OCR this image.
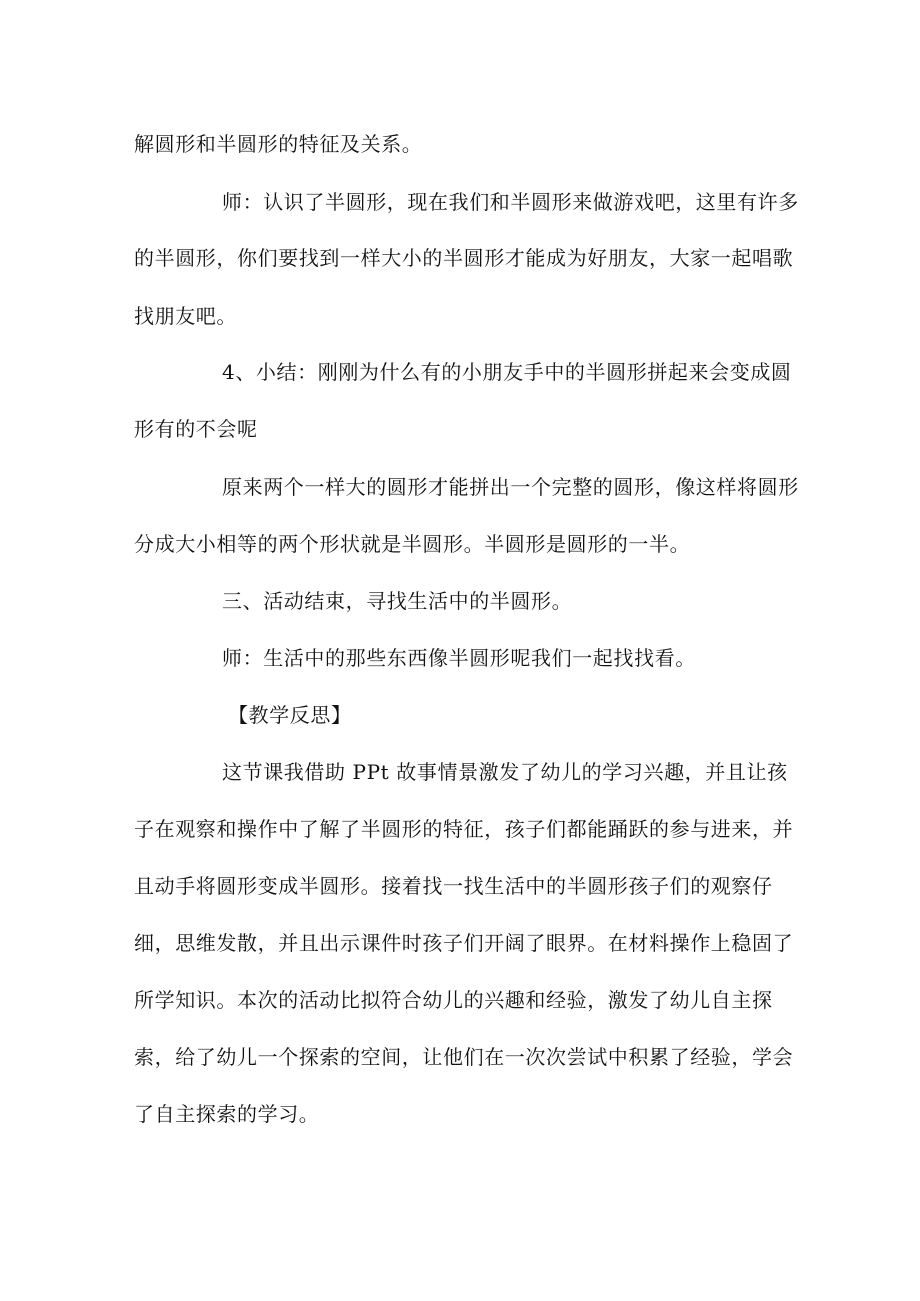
解圆形和半圆形的特征及关系。
师：认识了半圆形，现在我们和半圆形来做游戏吧，这里有许多
的半圆形，你们要找到一样大小的半圆形才能成为好朋友，大家一起唱歌
找朋友吧。
4、小结：刚刚为什么有的小朋友手中的半圆形拼起来会变成圆
形有的不会呢
原来两个一样大的圆形才能拼出一个完整的圆形，像这样将圆形
分成大小相等的两个形状就是半圆形。半圆形是圆形的一半。
三、活动结束，寻找生活中的半圆形。
师：生活中的那些东西像半圆形呢我们一起找找看。
【教学反思】
这节课我借助 PPt 故事情景激发了幼儿的学习兴趣，并且让孩
子在观察和操作中了解了半圆形的特征，孩子们都能踊跃的参与进来，并
且动手将圆形变成半圆形。接着找一找生活中的半圆形孩子们的观察仔
细，思维发散，并且出示课件时孩子们开阔了眼界。在材料操作上稳固了
所学知识。本次的活动比拟符合幼儿的兴趣和经验，激发了幼儿自主探
索，给了幼儿一个探索的空间，让他们在一次次尝试中积累了经验，学会
了自主探索的学习。
